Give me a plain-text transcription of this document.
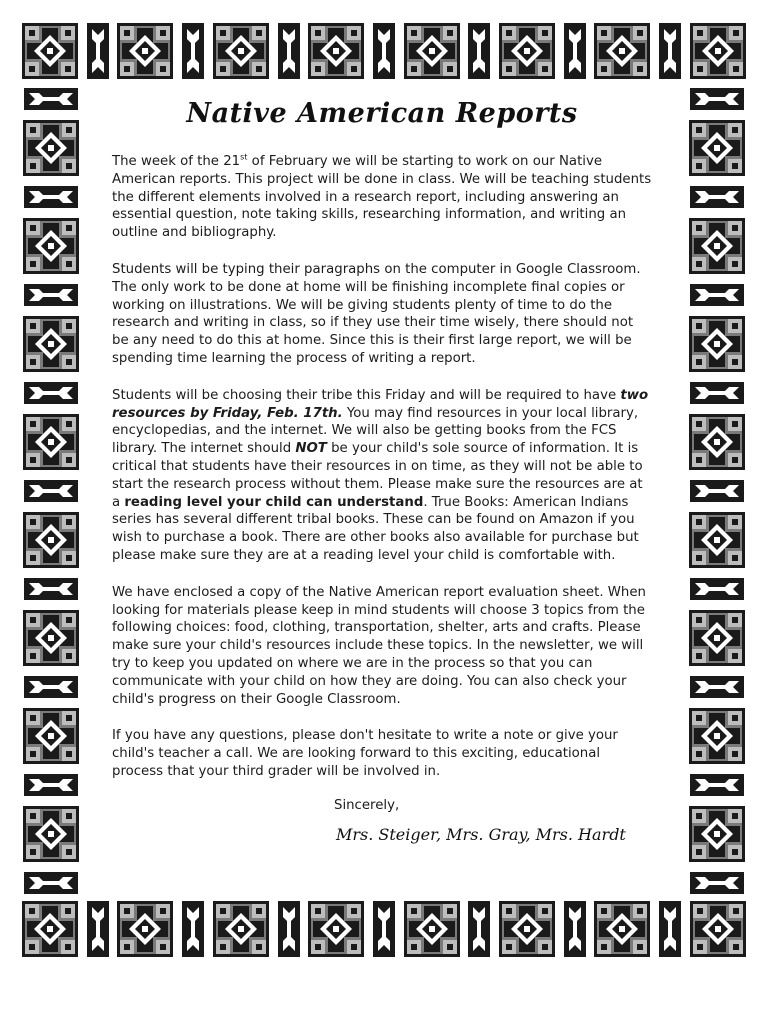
Native American Reports

The week of the 21st of February we will be starting to work on our Native American reports. This project will be done in class. We will be teaching students the different elements involved in a research report, including answering an essential question, note taking skills, researching information, and writing an outline and bibliography.

Students will be typing their paragraphs on the computer in Google Classroom. The only work to be done at home will be finishing incomplete final copies or working on illustrations. We will be giving students plenty of time to do the research and writing in class, so if they use their time wisely, there should not be any need to do this at home. Since this is their first large report, we will be spending time learning the process of writing a report.

Students will be choosing their tribe this Friday and will be required to have two resources by Friday, Feb. 17th. You may find resources in your local library, encyclopedias, and the internet. We will also be getting books from the FCS library. The internet should NOT be your child's sole source of information. It is critical that students have their resources in on time, as they will not be able to start the research process without them. Please make sure the resources are at a reading level your child can understand. True Books: American Indians series has several different tribal books. These can be found on Amazon if you wish to purchase a book. There are other books also available for purchase but please make sure they are at a reading level your child is comfortable with.

We have enclosed a copy of the Native American report evaluation sheet. When looking for materials please keep in mind students will choose 3 topics from the following choices: food, clothing, transportation, shelter, arts and crafts. Please make sure your child's resources include these topics. In the newsletter, we will try to keep you updated on where we are in the process so that you can communicate with your child on how they are doing. You can also check your child's progress on their Google Classroom.

If you have any questions, please don't hesitate to write a note or give your child's teacher a call. We are looking forward to this exciting, educational process that your third grader will be involved in.

Sincerely,
Mrs. Steiger, Mrs. Gray, Mrs. Hardt
